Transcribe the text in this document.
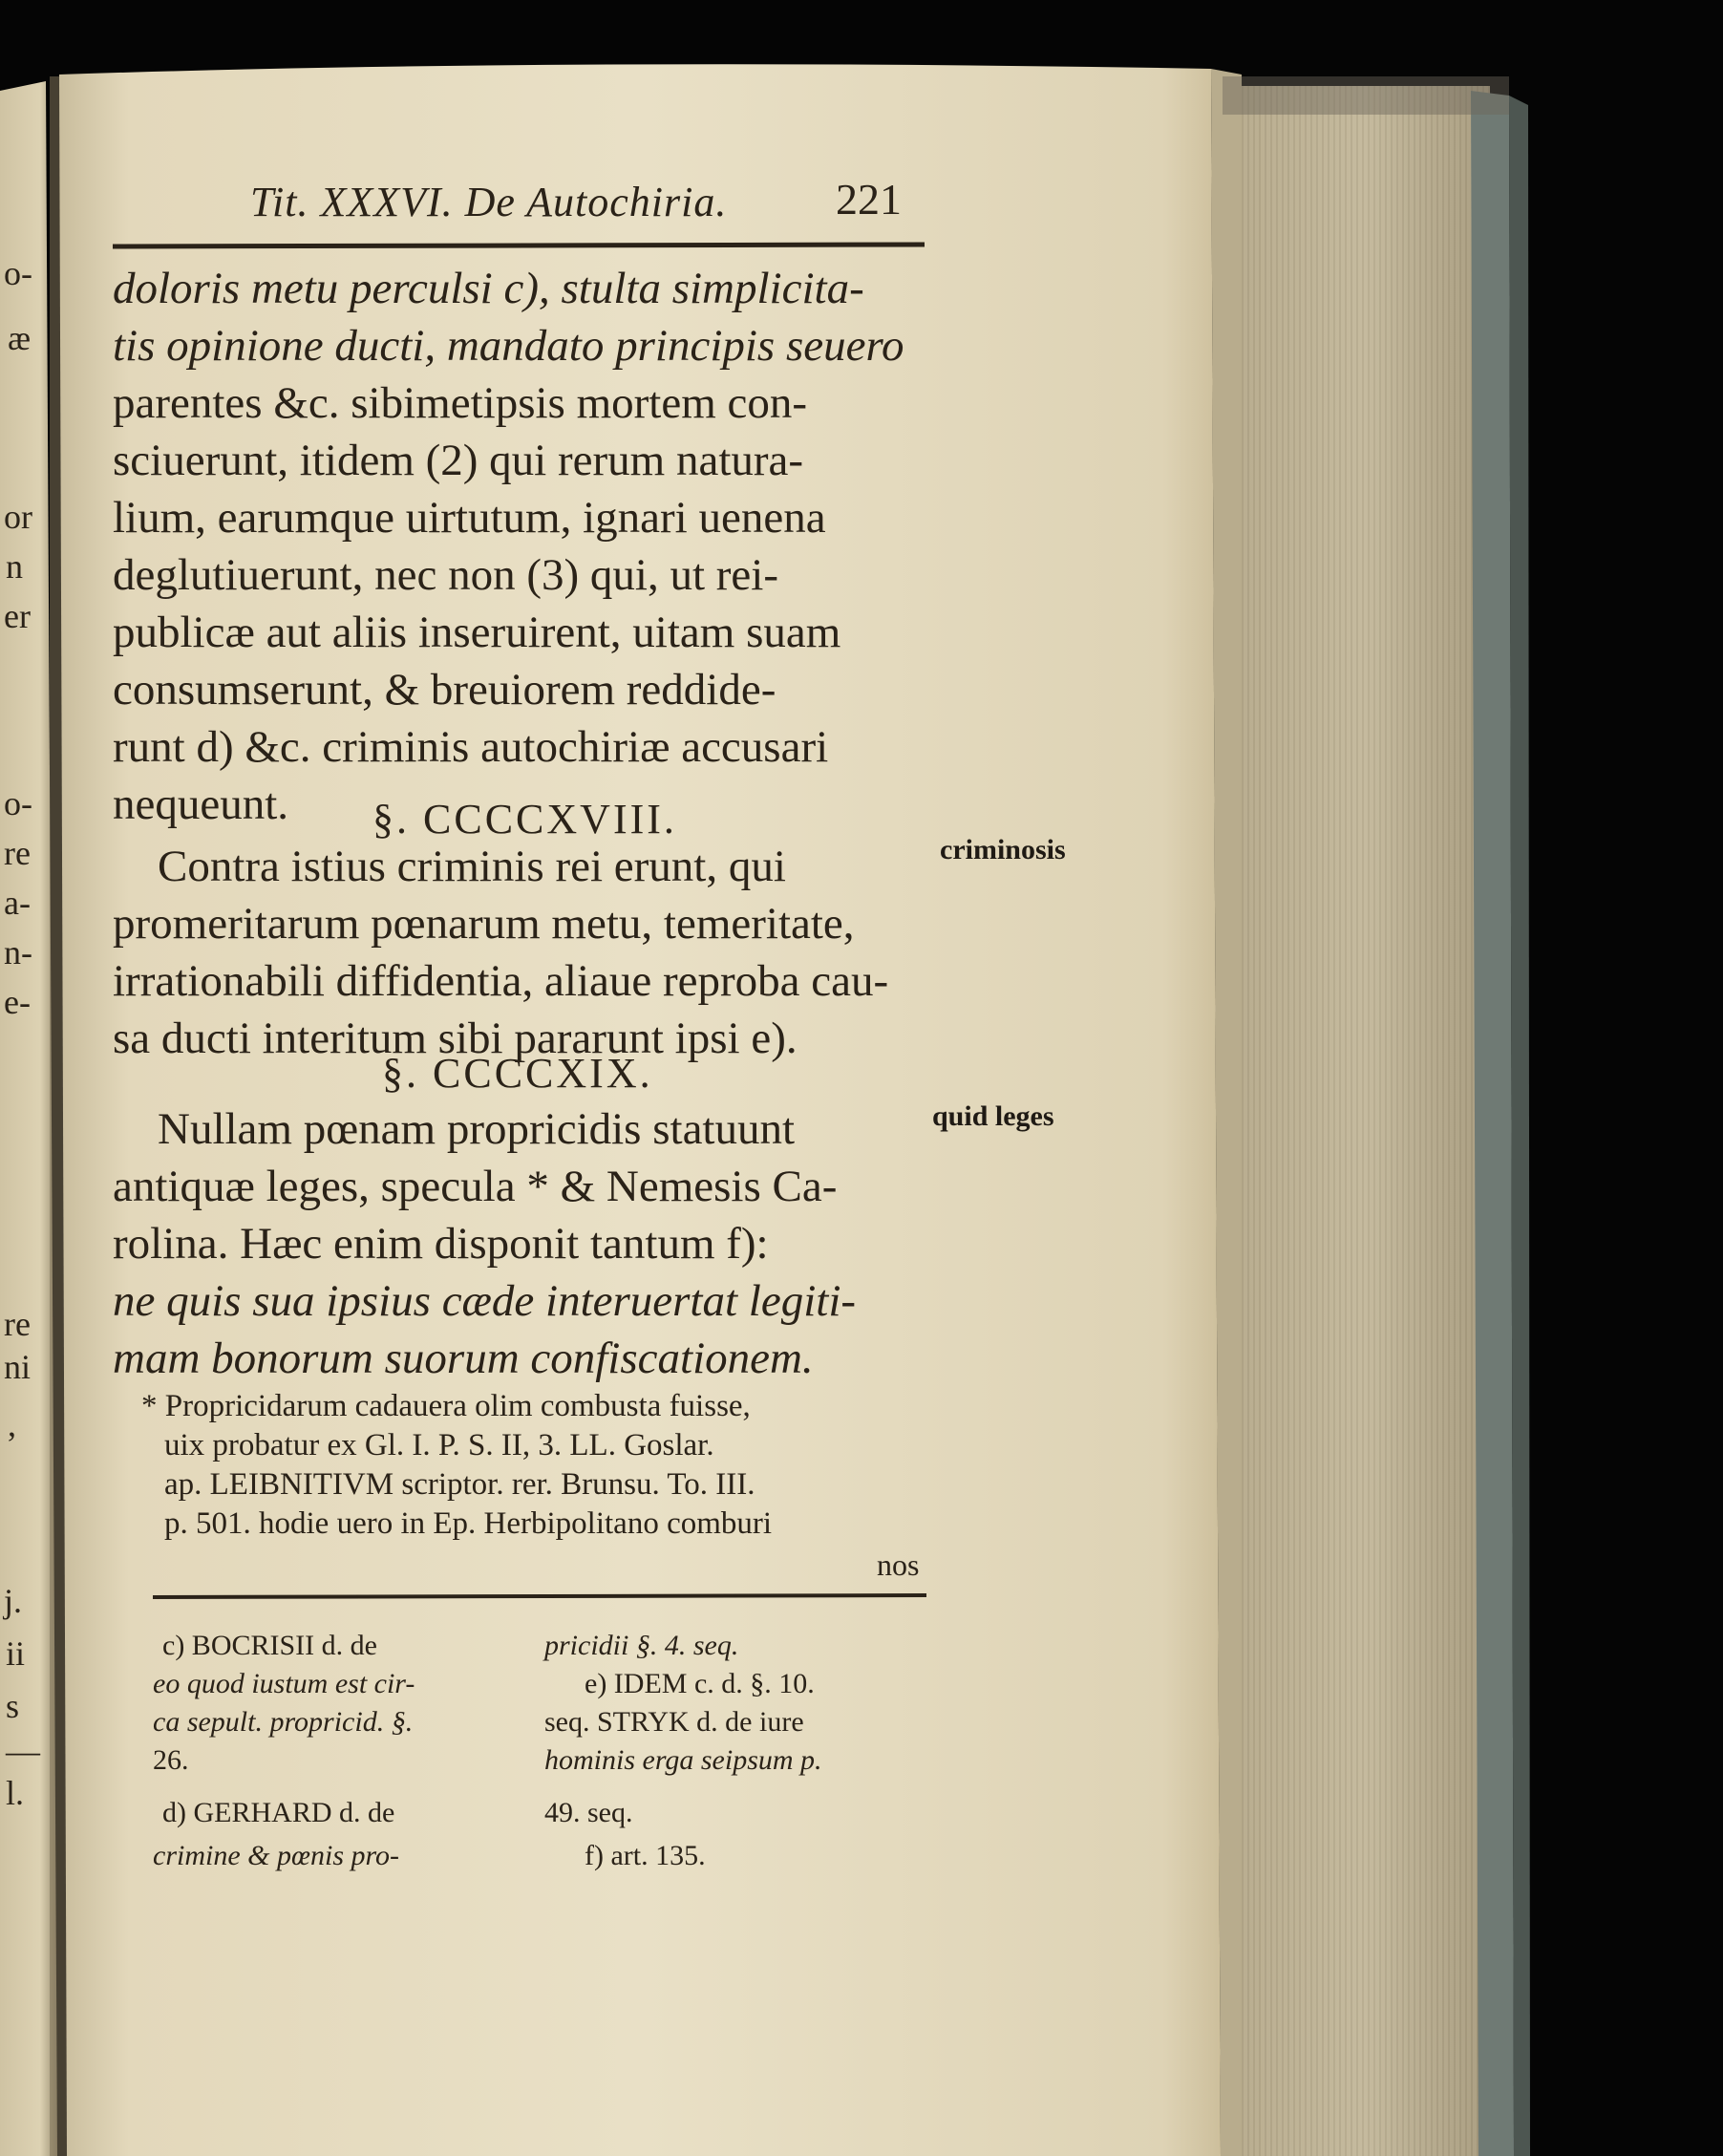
Tit. XXXVI. De Autochiria. 221
o-
æ
or
n
er
o-
re
a-
n-
e-
re
ni
,
j.
ii
s
—
l.
doloris metu perculsi c), stulta simplicita-
tis opinione ducti, mandato principis seuero
parentes &c. sibimetipsis mortem con-
sciuerunt, itidem (2) qui rerum natura-
lium, earumque uirtutum, ignari uenena
deglutiuerunt, nec non (3) qui, ut rei-
publicæ aut aliis inseruirent, uitam suam
consumserunt, & breuiorem reddide-
runt d) &c. criminis autochiriæ accusari
nequeunt.	§. CCCCXVIII.
Contra istius criminis rei erunt, qui
promeritarum pœnarum metu, temeritate,
irrationabili diffidentia, aliaue reproba cau-
sa ducti interitum sibi pararunt ipsi e).
criminosis
§. CCCCXIX.
Nullam pœnam propricidis statuunt
antiquæ leges, specula * & Nemesis Ca-
rolina. Hæc enim disponit tantum f):
ne quis sua ipsius cæde interuertat legiti-
mam bonorum suorum confiscationem.
quid leges
* Propricidarum cadauera olim combusta fuisse,
uix probatur ex Gl. I. P. S. II, 3. LL. Goslar.
ap. LEIBNITIVM scriptor. rer. Brunsu. To. III.
p. 501. hodie uero in Ep. Herbipolitano comburi
nos
c) BOCRISII d. de
eo quod iustum est cir-
ca sepult. propricid. §.
26.
d) GERHARD d. de
crimine & pœnis pro-
pricidii §. 4. seq.
e) IDEM c. d. §. 10.
seq. STRYK d. de iure
hominis erga seipsum p.
49. seq.
f) art. 135.
